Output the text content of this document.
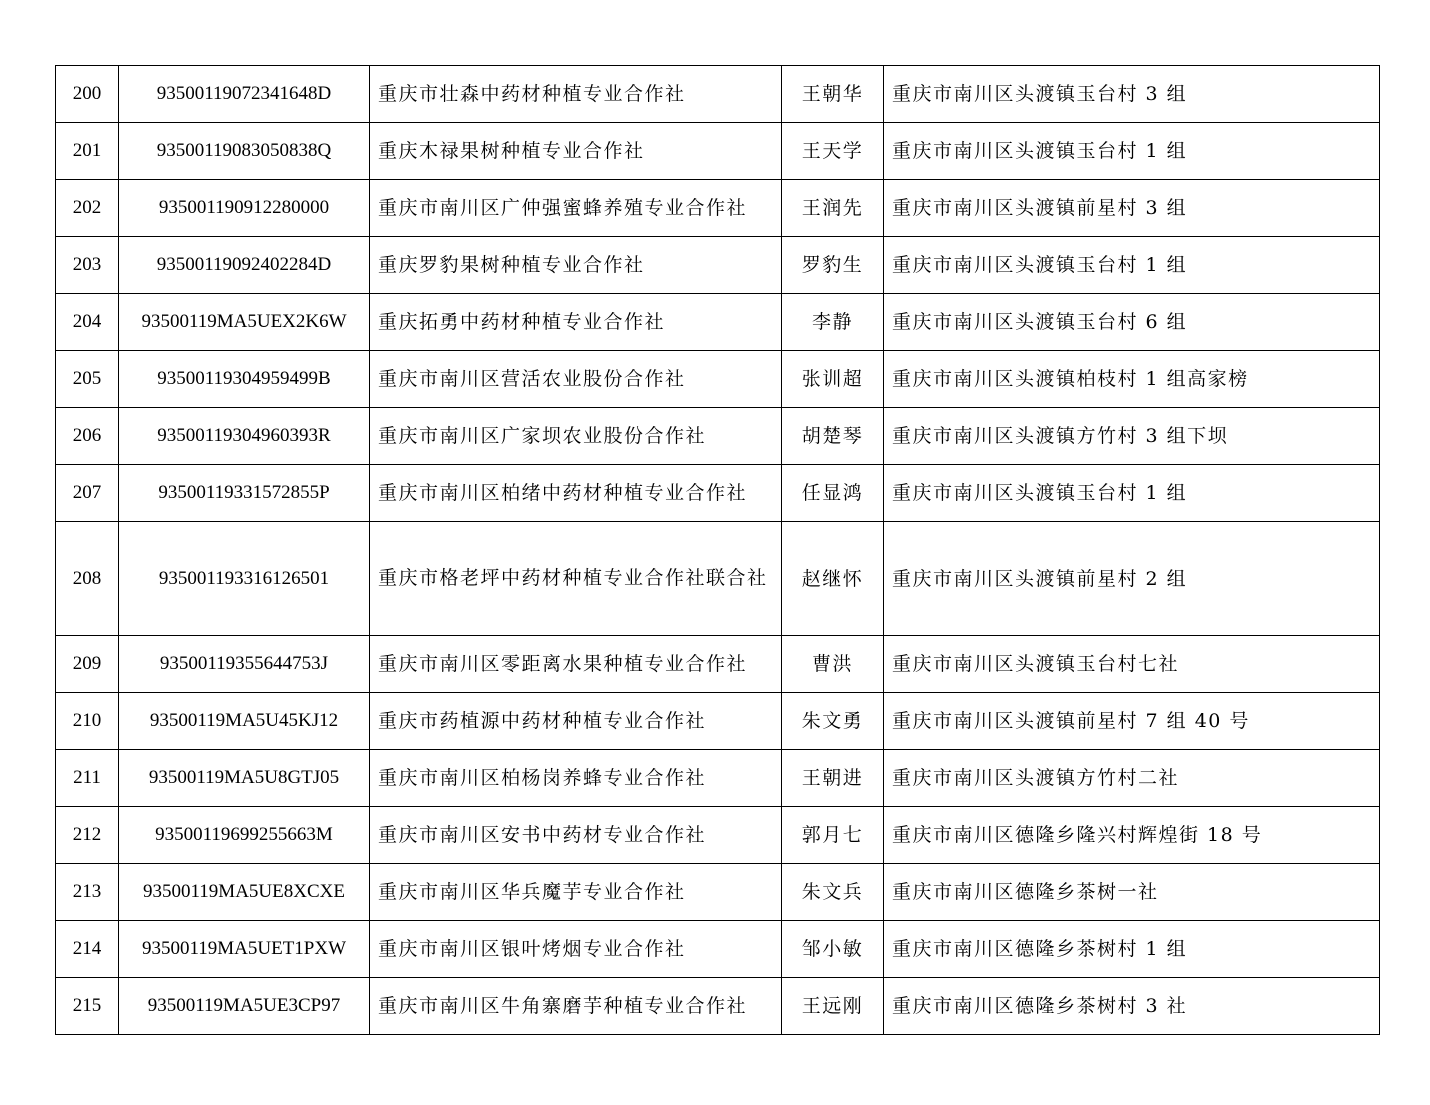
200	93500119072341648D	重庆市壮森中药材种植专业合作社	王朝华	重庆市南川区头渡镇玉台村 3 组
201	93500119083050838Q	重庆木禄果树种植专业合作社	王天学	重庆市南川区头渡镇玉台村 1 组
202	935001190912280000	重庆市南川区广仲强蜜蜂养殖专业合作社	王润先	重庆市南川区头渡镇前星村 3 组
203	93500119092402284D	重庆罗豹果树种植专业合作社	罗豹生	重庆市南川区头渡镇玉台村 1 组
204	93500119MA5UEX2K6W	重庆拓勇中药材种植专业合作社	李静	重庆市南川区头渡镇玉台村 6 组
205	93500119304959499B	重庆市南川区营活农业股份合作社	张训超	重庆市南川区头渡镇柏枝村 1 组高家榜
206	93500119304960393R	重庆市南川区广家坝农业股份合作社	胡楚琴	重庆市南川区头渡镇方竹村 3 组下坝
207	93500119331572855P	重庆市南川区柏绪中药材种植专业合作社	任显鸿	重庆市南川区头渡镇玉台村 1 组
208	935001193316126501	重庆市格老坪中药材种植专业合作社联合社	赵继怀	重庆市南川区头渡镇前星村 2 组
209	93500119355644753J	重庆市南川区零距离水果种植专业合作社	曹洪	重庆市南川区头渡镇玉台村七社
210	93500119MA5U45KJ12	重庆市药植源中药材种植专业合作社	朱文勇	重庆市南川区头渡镇前星村 7 组 40 号
211	93500119MA5U8GTJ05	重庆市南川区柏杨岗养蜂专业合作社	王朝进	重庆市南川区头渡镇方竹村二社
212	93500119699255663M	重庆市南川区安书中药材专业合作社	郭月七	重庆市南川区德隆乡隆兴村辉煌街 18 号
213	93500119MA5UE8XCXE	重庆市南川区华兵魔芋专业合作社	朱文兵	重庆市南川区德隆乡茶树一社
214	93500119MA5UET1PXW	重庆市南川区银叶烤烟专业合作社	邹小敏	重庆市南川区德隆乡茶树村 1 组
215	93500119MA5UE3CP97	重庆市南川区牛角寨磨芋种植专业合作社	王远刚	重庆市南川区德隆乡茶树村 3 社
